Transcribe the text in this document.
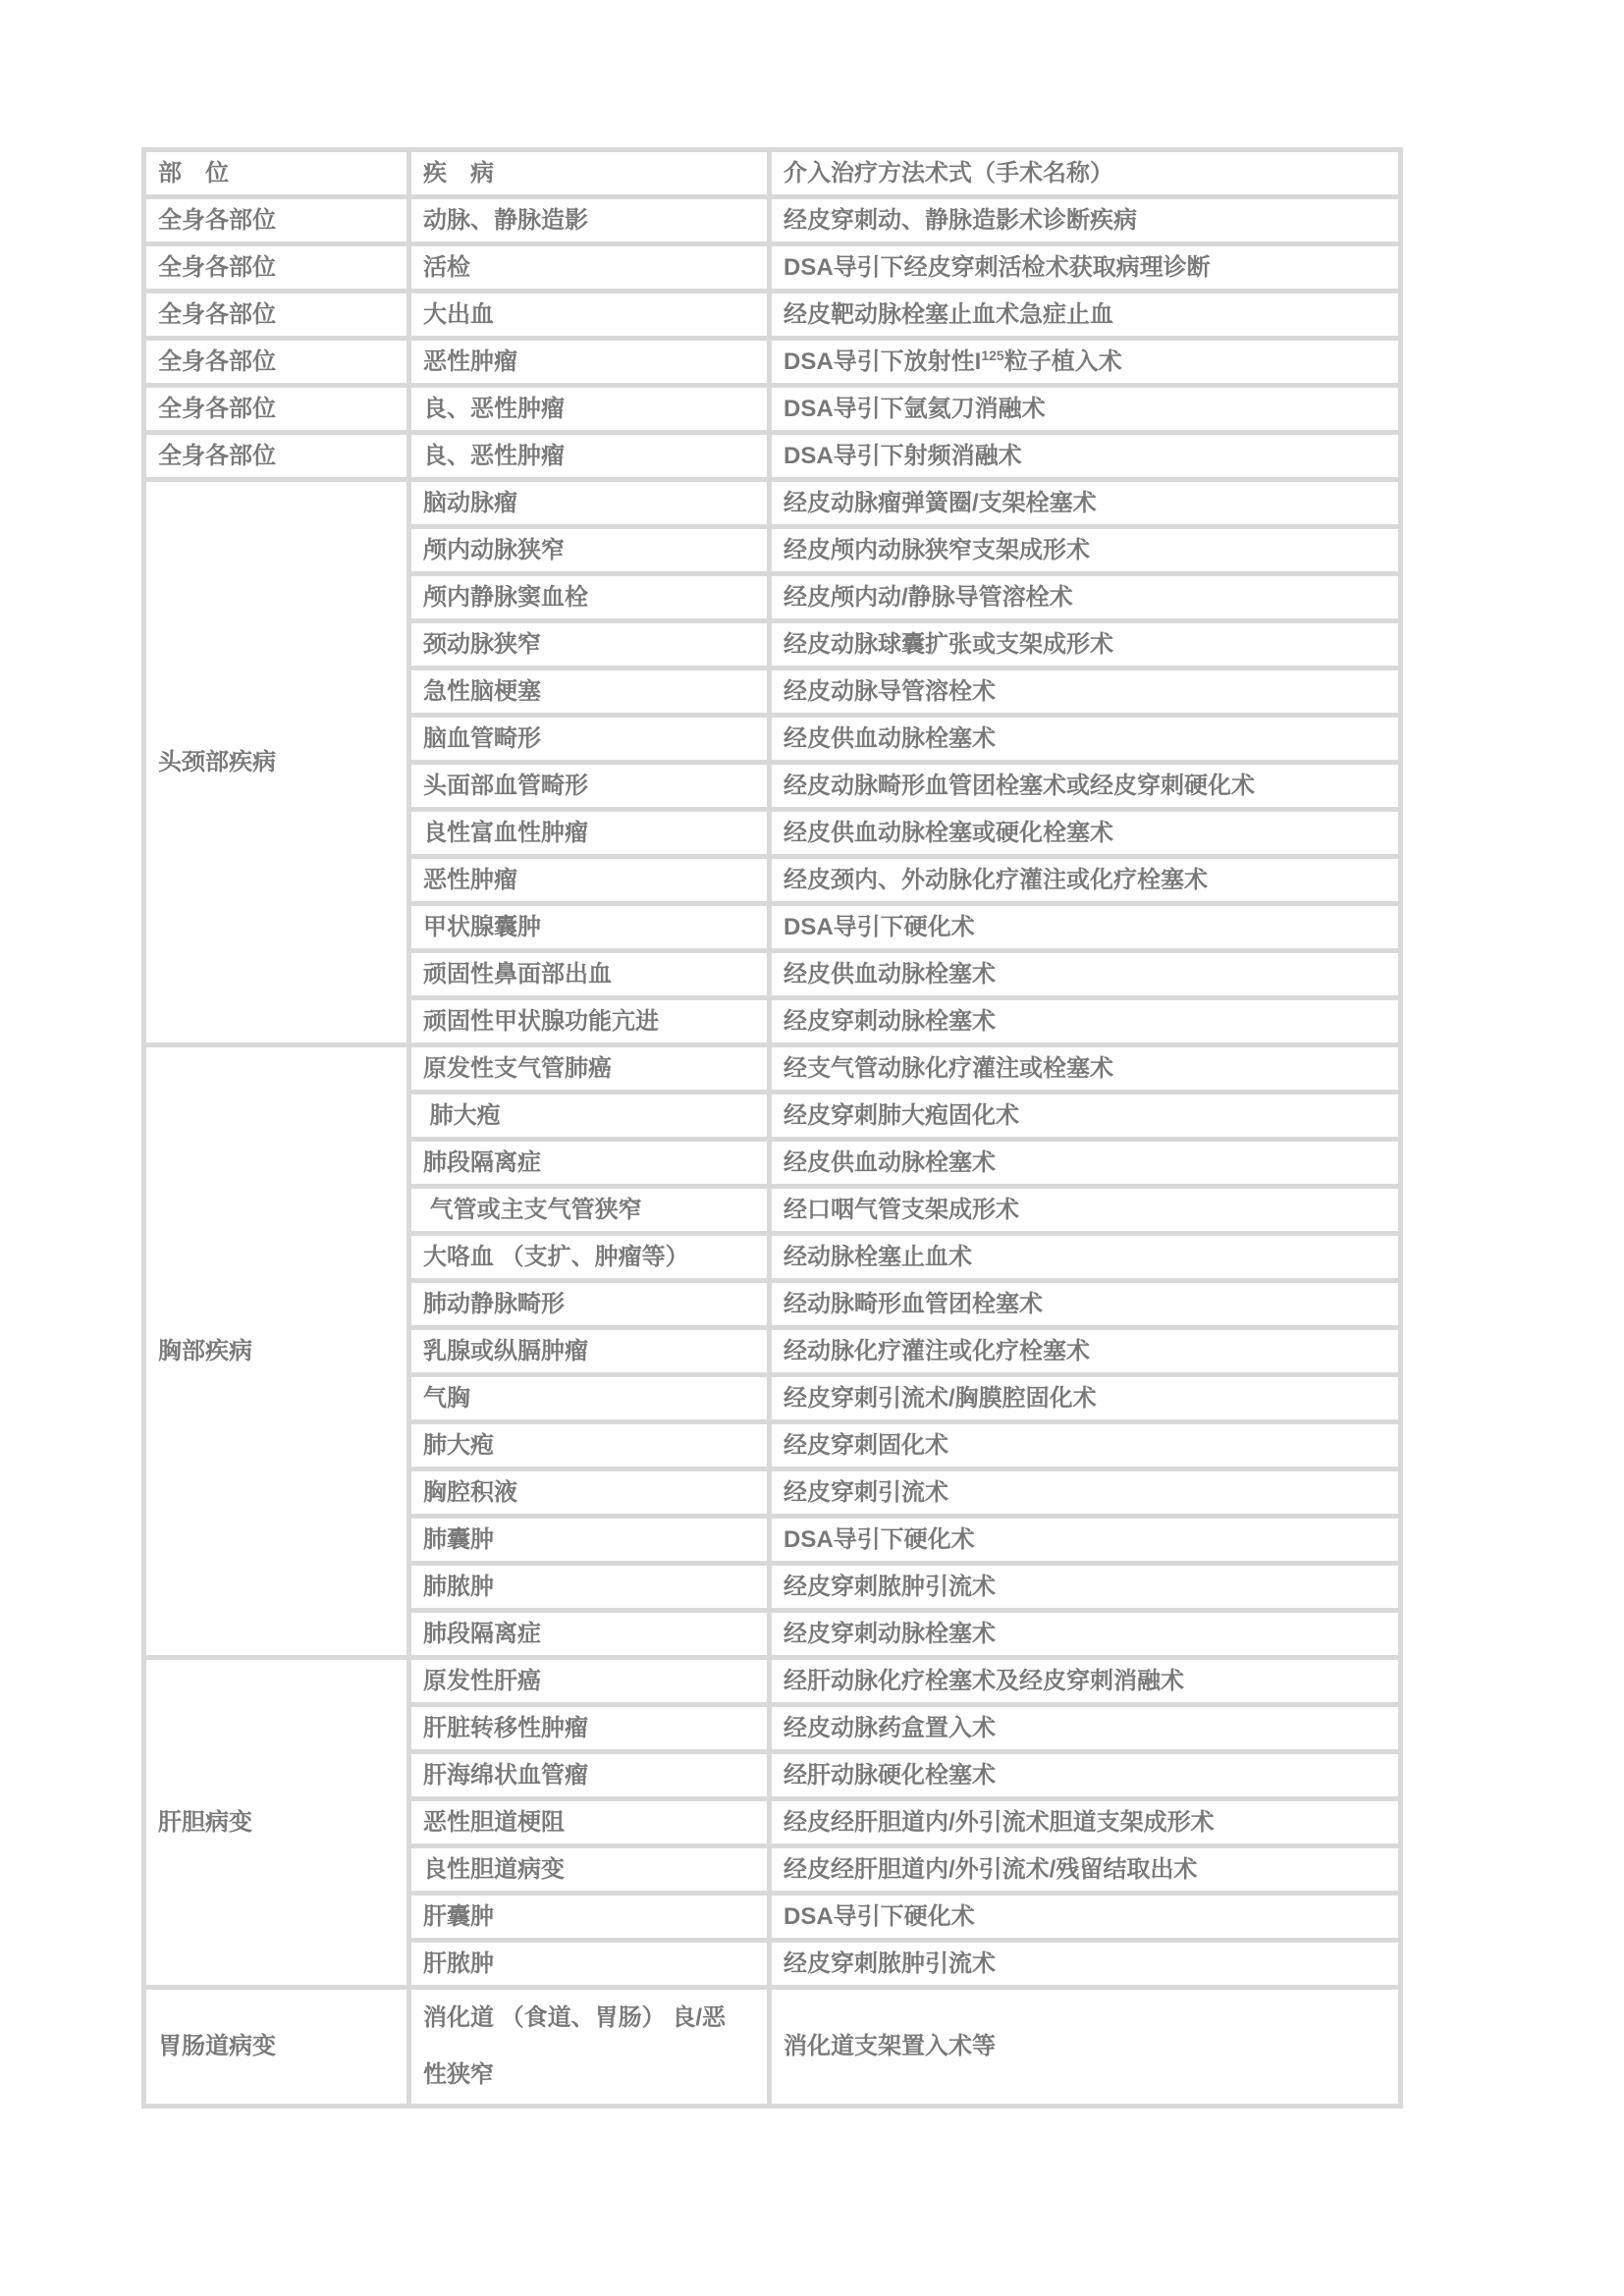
部　位	疾　病	介入治疗方法术式（手术名称）
全身各部位	动脉、静脉造影	经皮穿刺动、静脉造影术诊断疾病
全身各部位	活检	DSA导引下经皮穿刺活检术获取病理诊断
全身各部位	大出血	经皮靶动脉栓塞止血术急症止血
全身各部位	恶性肿瘤	DSA导引下放射性$I^{125}$粒子植入术
全身各部位	良、恶性肿瘤	DSA导引下氩氦刀消融术
全身各部位	良、恶性肿瘤	DSA导引下射频消融术
头颈部疾病	脑动脉瘤	经皮动脉瘤弹簧圈/支架栓塞术
	颅内动脉狭窄	经皮颅内动脉狭窄支架成形术
	颅内静脉窦血栓	经皮颅内动/静脉导管溶栓术
	颈动脉狭窄	经皮动脉球囊扩张或支架成形术
	急性脑梗塞	经皮动脉导管溶栓术
	脑血管畸形	经皮供血动脉栓塞术
	头面部血管畸形	经皮动脉畸形血管团栓塞术或经皮穿刺硬化术
	良性富血性肿瘤	经皮供血动脉栓塞或硬化栓塞术
	恶性肿瘤	经皮颈内、外动脉化疗灌注或化疗栓塞术
	甲状腺囊肿	DSA导引下硬化术
	顽固性鼻面部出血	经皮供血动脉栓塞术
	顽固性甲状腺功能亢进	经皮穿刺动脉栓塞术
胸部疾病	原发性支气管肺癌	经支气管动脉化疗灌注或栓塞术
	肺大疱	经皮穿刺肺大疱固化术
	肺段隔离症	经皮供血动脉栓塞术
	气管或主支气管狭窄	经口咽气管支架成形术
	大咯血 （支扩、肿瘤等）	经动脉栓塞止血术
	肺动静脉畸形	经动脉畸形血管团栓塞术
	乳腺或纵膈肿瘤	经动脉化疗灌注或化疗栓塞术
	气胸	经皮穿刺引流术/胸膜腔固化术
	肺大疱	经皮穿刺固化术
	胸腔积液	经皮穿刺引流术
	肺囊肿	DSA导引下硬化术
	肺脓肿	经皮穿刺脓肿引流术
	肺段隔离症	经皮穿刺动脉栓塞术
肝胆病变	原发性肝癌	经肝动脉化疗栓塞术及经皮穿刺消融术
	肝脏转移性肿瘤	经皮动脉药盒置入术
	肝海绵状血管瘤	经肝动脉硬化栓塞术
	恶性胆道梗阻	经皮经肝胆道内/外引流术胆道支架成形术
	良性胆道病变	经皮经肝胆道内/外引流术/残留结取出术
	肝囊肿	DSA导引下硬化术
	肝脓肿	经皮穿刺脓肿引流术
胃肠道病变	消化道 （食道、胃肠） 良/恶性狭窄	消化道支架置入术等
